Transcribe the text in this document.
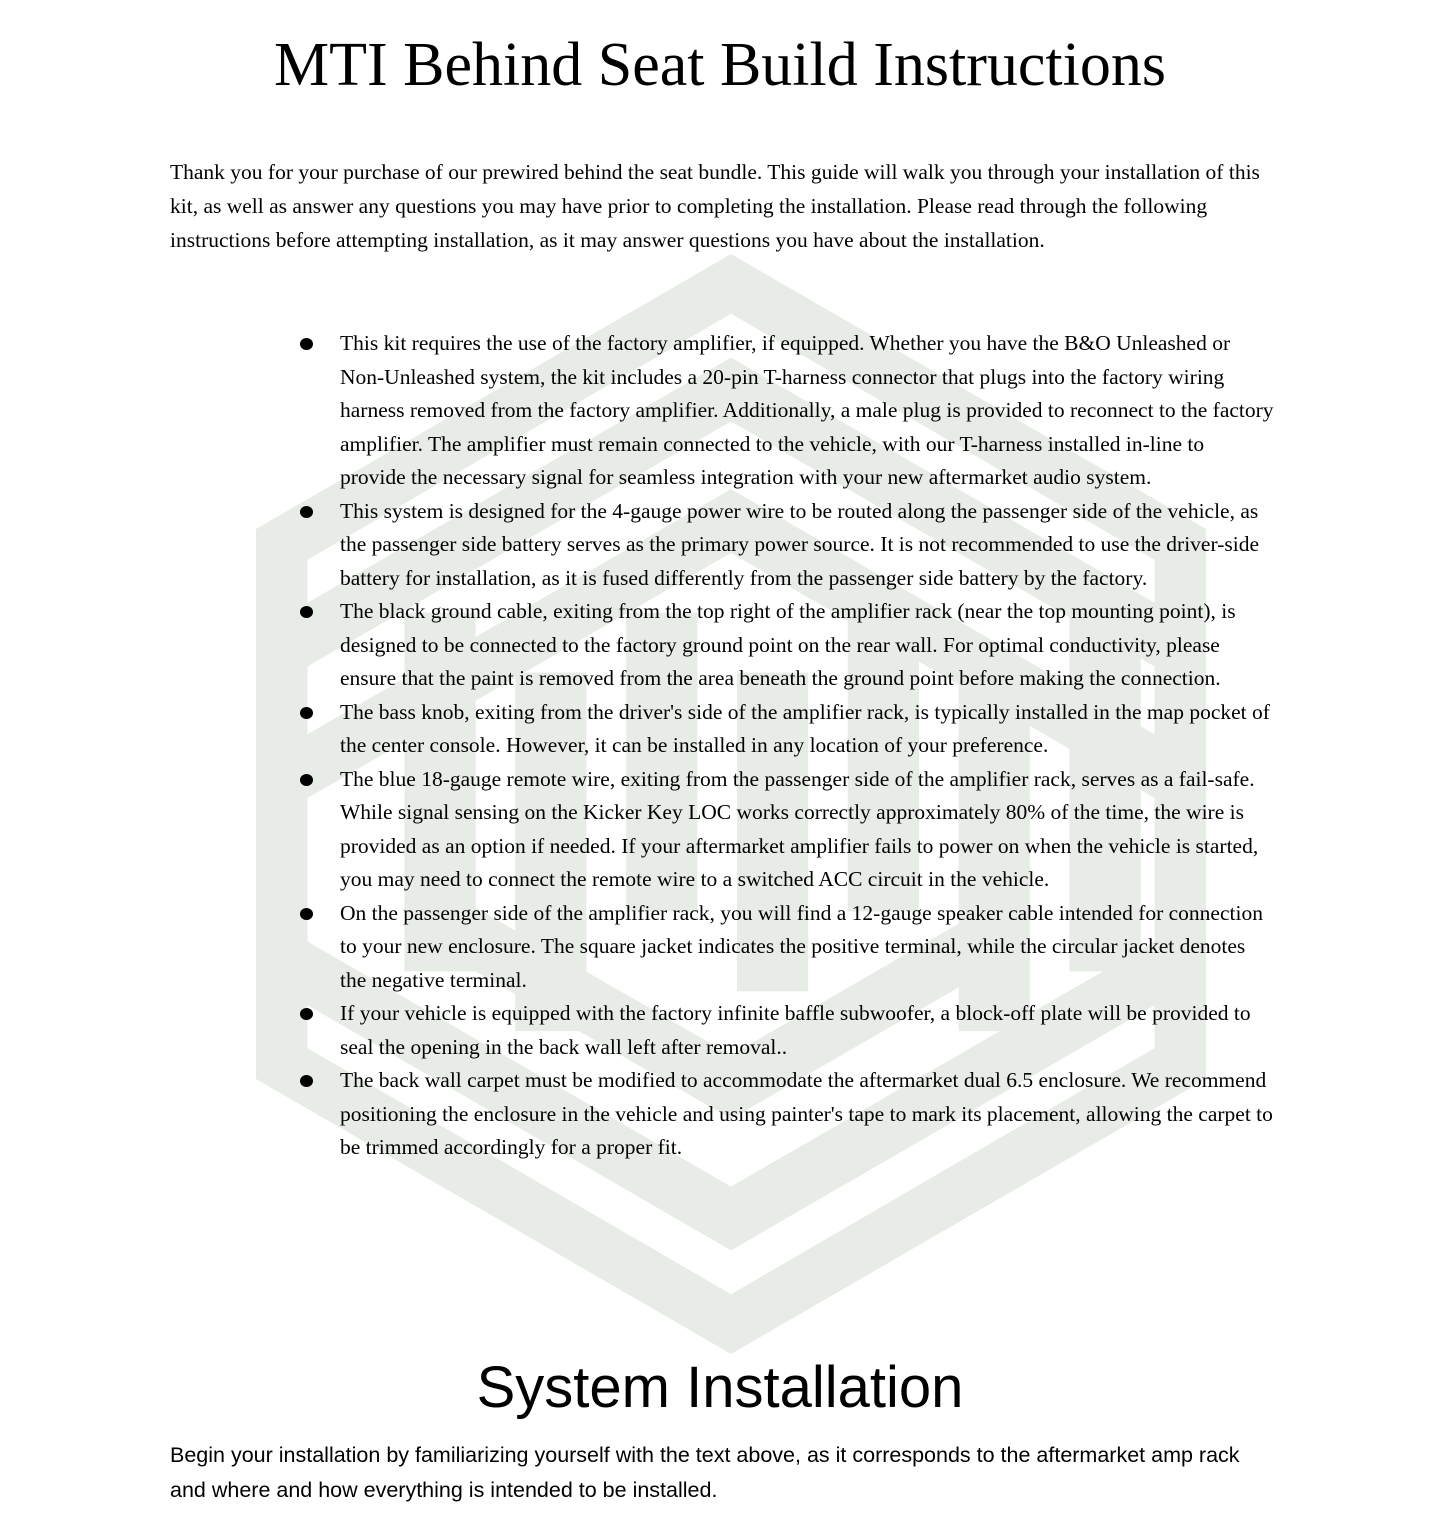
MTI Behind Seat Build Instructions

Thank you for your purchase of our prewired behind the seat bundle. This guide will walk you through your installation of this kit, as well as answer any questions you may have prior to completing the installation. Please read through the following instructions before attempting installation, as it may answer questions you have about the installation.

This kit requires the use of the factory amplifier, if equipped. Whether you have the B&O Unleashed or Non-Unleashed system, the kit includes a 20-pin T-harness connector that plugs into the factory wiring harness removed from the factory amplifier. Additionally, a male plug is provided to reconnect to the factory amplifier. The amplifier must remain connected to the vehicle, with our T-harness installed in-line to provide the necessary signal for seamless integration with your new aftermarket audio system.
This system is designed for the 4-gauge power wire to be routed along the passenger side of the vehicle, as the passenger side battery serves as the primary power source. It is not recommended to use the driver-side battery for installation, as it is fused differently from the passenger side battery by the factory.
The black ground cable, exiting from the top right of the amplifier rack (near the top mounting point), is designed to be connected to the factory ground point on the rear wall. For optimal conductivity, please ensure that the paint is removed from the area beneath the ground point before making the connection.
The bass knob, exiting from the driver's side of the amplifier rack, is typically installed in the map pocket of the center console. However, it can be installed in any location of your preference.
The blue 18-gauge remote wire, exiting from the passenger side of the amplifier rack, serves as a fail-safe. While signal sensing on the Kicker Key LOC works correctly approximately 80% of the time, the wire is provided as an option if needed. If your aftermarket amplifier fails to power on when the vehicle is started, you may need to connect the remote wire to a switched ACC circuit in the vehicle.
On the passenger side of the amplifier rack, you will find a 12-gauge speaker cable intended for connection to your new enclosure. The square jacket indicates the positive terminal, while the circular jacket denotes the negative terminal.
If your vehicle is equipped with the factory infinite baffle subwoofer, a block-off plate will be provided to seal the opening in the back wall left after removal..
The back wall carpet must be modified to accommodate the aftermarket dual 6.5 enclosure. We recommend positioning the enclosure in the vehicle and using painter's tape to mark its placement, allowing the carpet to be trimmed accordingly for a proper fit.
System Installation

Begin your installation by familiarizing yourself with the text above, as it corresponds to the aftermarket amp rack and where and how everything is intended to be installed.
